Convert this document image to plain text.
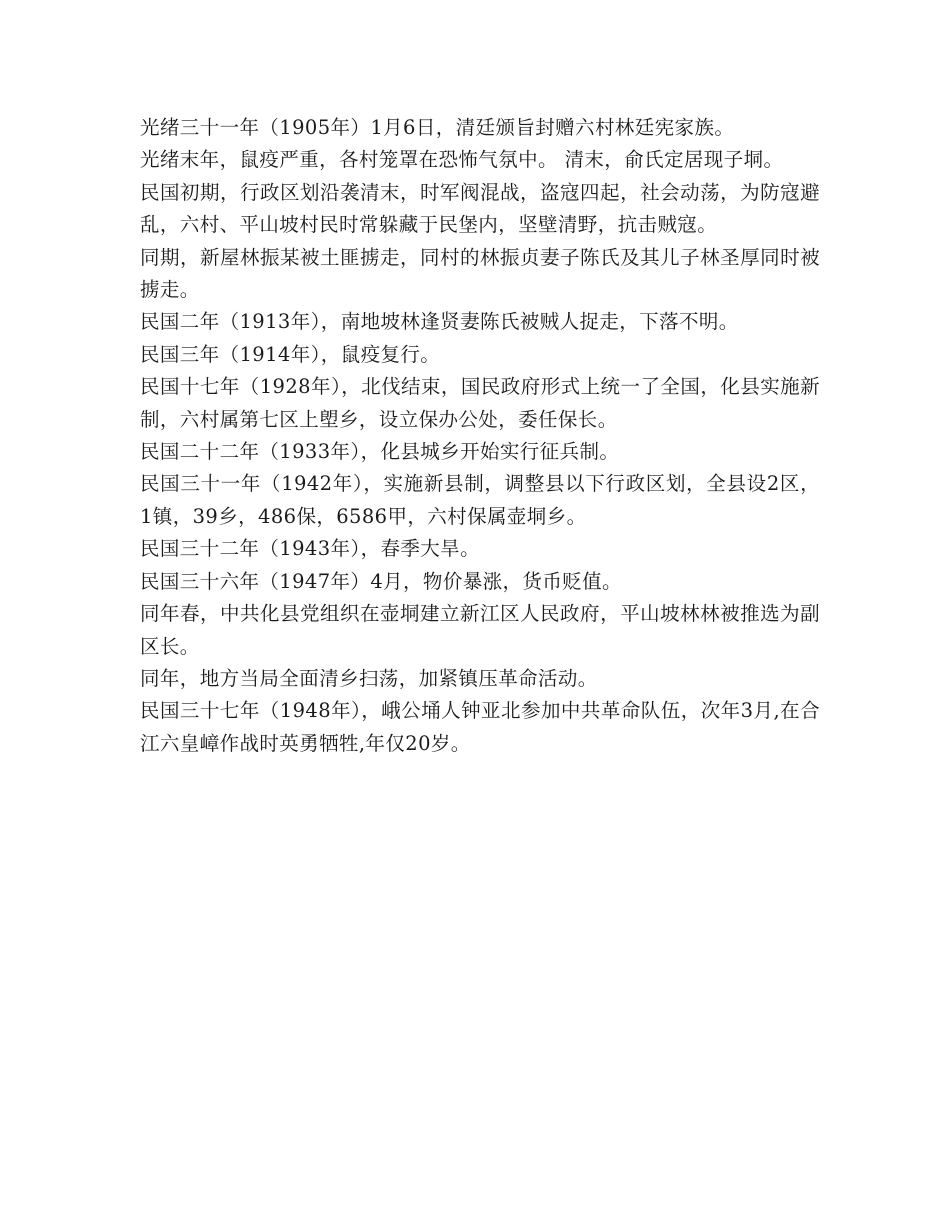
光绪三十一年（1905年）1月6日，清廷颁旨封赠六村林廷宪家族。

光绪末年，鼠疫严重，各村笼罩在恐怖气氛中。 清末，俞氏定居现子垌。

民国初期，行政区划沿袭清末，时军阀混战，盗寇四起，社会动荡，为防寇避乱，六村、平山坡村民时常躲藏于民堡内，坚壁清野，抗击贼寇。

同期，新屋林振某被土匪掳走，同村的林振贞妻子陈氏及其儿子林圣厚同时被掳走。

民国二年（1913年），南地坡林逢贤妻陈氏被贼人捉走，下落不明。

民国三年（1914年），鼠疫复行。

民国十七年（1928年），北伐结束，国民政府形式上统一了全国，化县实施新制，六村属第七区上塱乡，设立保办公处，委任保长。

民国二十二年（1933年），化县城乡开始实行征兵制。

民国三十一年（1942年），实施新县制，调整县以下行政区划，全县设2区，1镇，39乡，486保，6586甲，六村保属壶垌乡。

民国三十二年（1943年），春季大旱。

民国三十六年（1947年）4月，物价暴涨，货币贬值。

同年春，中共化县党组织在壶垌建立新江区人民政府，平山坡林林被推选为副区长。

同年，地方当局全面清乡扫荡，加紧镇压革命活动。

民国三十七年（1948年），峨公埇人钟亚北参加中共革命队伍，次年3月,在合江六皇嶂作战时英勇牺牲,年仅20岁。
